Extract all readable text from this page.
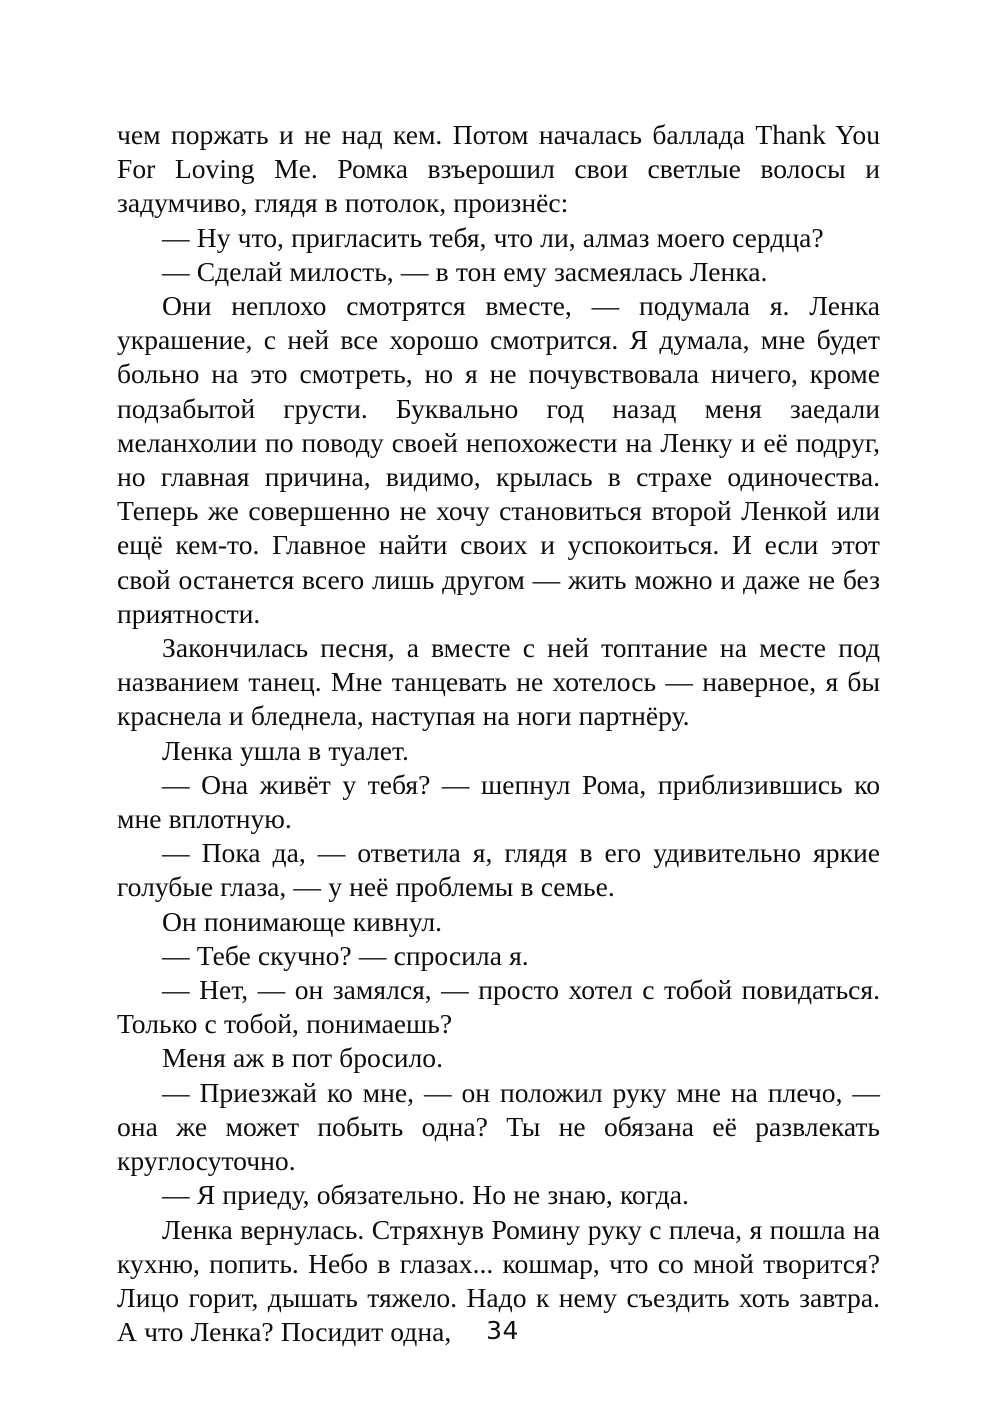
чем поржать и не над кем. Потом началась баллада Thank You For Loving Me. Ромка взъерошил свои светлые волосы и задумчиво, глядя в потолок, произнёс:

— Ну что, пригласить тебя, что ли, алмаз моего сердца?

— Сделай милость, — в тон ему засмеялась Ленка.

Они неплохо смотрятся вместе, — подумала я. Ленка украшение, с ней все хорошо смотрится. Я думала, мне будет больно на это смотреть, но я не почувствовала ничего, кроме подзабытой грусти. Буквально год назад меня заедали меланхолии по поводу своей непохожести на Ленку и её подруг, но главная причина, видимо, крылась в страхе одиночества. Теперь же совершенно не хочу становиться второй Ленкой или ещё кем-то. Главное найти своих и успокоиться. И если этот свой останется всего лишь другом — жить можно и даже не без приятности.

Закончилась песня, а вместе с ней топтание на месте под названием танец. Мне танцевать не хотелось — наверное, я бы краснела и бледнела, наступая на ноги партнёру.

Ленка ушла в туалет.

— Она живёт у тебя? — шепнул Рома, приблизившись ко мне вплотную.

— Пока да, — ответила я, глядя в его удивительно яркие голубые глаза, — у неё проблемы в семье.

Он понимающе кивнул.

— Тебе скучно? — спросила я.

— Нет, — он замялся, — просто хотел с тобой повидаться. Только с тобой, понимаешь?

Меня аж в пот бросило.

— Приезжай ко мне, — он положил руку мне на плечо, — она же может побыть одна? Ты не обязана её развлекать круглосуточно.

— Я приеду, обязательно. Но не знаю, когда.

Ленка вернулась. Стряхнув Ромину руку с плеча, я пошла на кухню, попить. Небо в глазах... кошмар, что со мной творится? Лицо горит, дышать тяжело. Надо к нему съездить хоть завтра. А что Ленка? Посидит одна,	34
